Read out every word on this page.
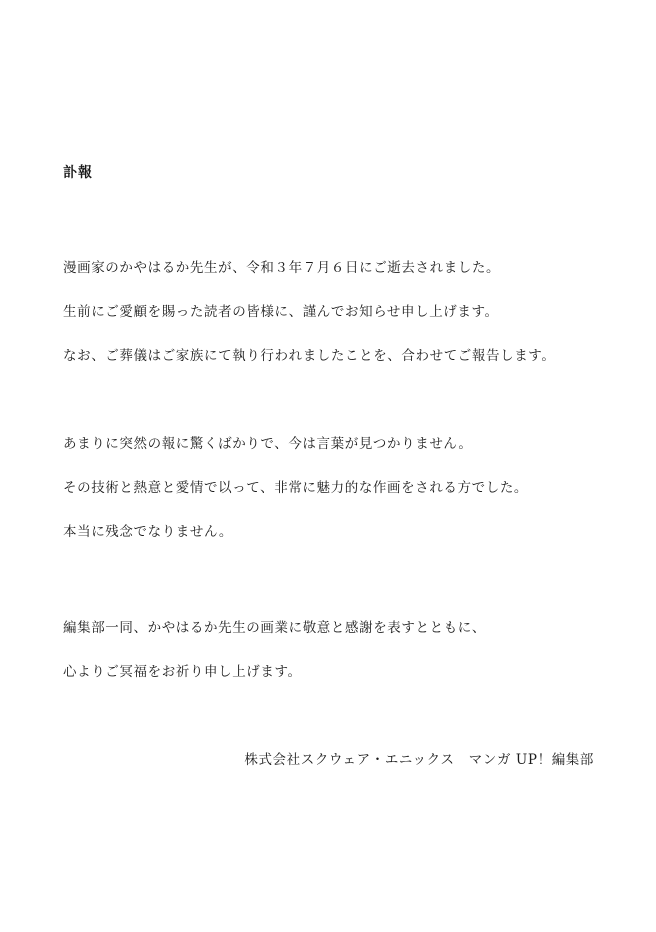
訃報
漫画家のかやはるか先生が、令和３年７月６日にご逝去されました。
生前にご愛顧を賜った読者の皆様に、謹んでお知らせ申し上げます。
なお、ご葬儀はご家族にて執り行われましたことを、合わせてご報告します。
あまりに突然の報に驚くばかりで、今は言葉が見つかりません。
その技術と熱意と愛情で以って、非常に魅力的な作画をされる方でした。
本当に残念でなりません。
編集部一同、かやはるか先生の画業に敬意と感謝を表すとともに、
心よりご冥福をお祈り申し上げます。
株式会社スクウェア・エニックス　マンガ UP！編集部
